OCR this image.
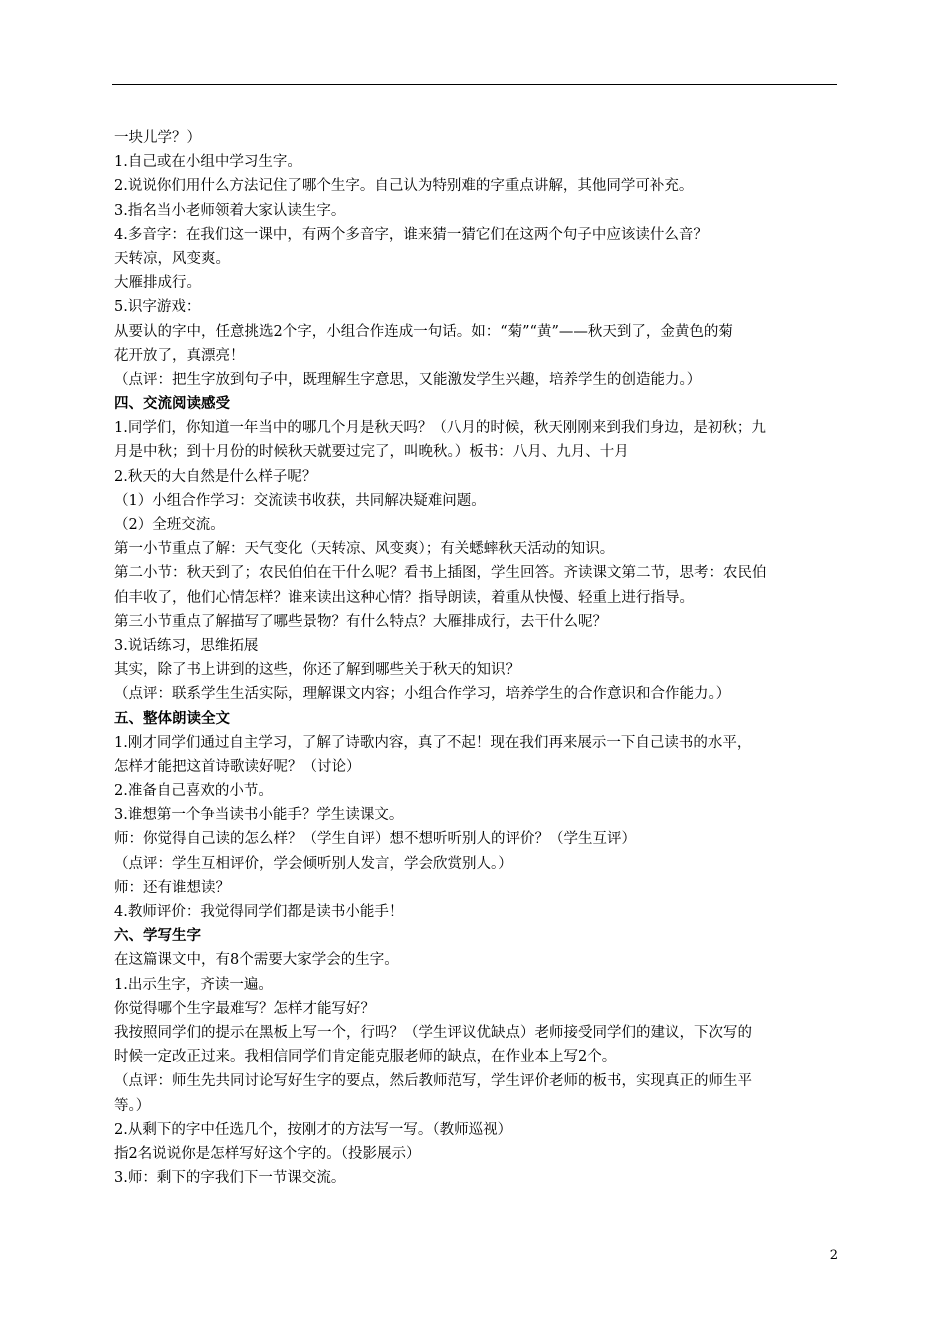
一块儿学？）
1.自己或在小组中学习生字。
2.说说你们用什么方法记住了哪个生字。自己认为特别难的字重点讲解，其他同学可补充。
3.指名当小老师领着大家认读生字。
4.多音字：在我们这一课中，有两个多音字，谁来猜一猜它们在这两个句子中应该读什么音？
天转凉，风变爽。
大雁排成行。
5.识字游戏：
从要认的字中，任意挑选2个字，小组合作连成一句话。如：“菊”“黄”——秋天到了，金黄色的菊
花开放了，真漂亮！
（点评：把生字放到句子中，既理解生字意思，又能激发学生兴趣，培养学生的创造能力。）
四、交流阅读感受
1.同学们，你知道一年当中的哪几个月是秋天吗？（八月的时候，秋天刚刚来到我们身边，是初秋；九
月是中秋；到十月份的时候秋天就要过完了，叫晚秋。）板书：八月、九月、十月
2.秋天的大自然是什么样子呢？
（1）小组合作学习：交流读书收获，共同解决疑难问题。
（2）全班交流。
第一小节重点了解：天气变化（天转凉、风变爽）；有关蟋蟀秋天活动的知识。
第二小节：秋天到了；农民伯伯在干什么呢？看书上插图，学生回答。齐读课文第二节，思考：农民伯
伯丰收了，他们心情怎样？谁来读出这种心情？指导朗读，着重从快慢、轻重上进行指导。
第三小节重点了解描写了哪些景物？有什么特点？大雁排成行，去干什么呢？
3.说话练习，思维拓展
其实，除了书上讲到的这些，你还了解到哪些关于秋天的知识？
（点评：联系学生生活实际，理解课文内容；小组合作学习，培养学生的合作意识和合作能力。）
五、整体朗读全文
1.刚才同学们通过自主学习，了解了诗歌内容，真了不起！现在我们再来展示一下自己读书的水平，
怎样才能把这首诗歌读好呢？（讨论）
2.准备自己喜欢的小节。
3.谁想第一个争当读书小能手？学生读课文。
师：你觉得自己读的怎么样？（学生自评）想不想听听别人的评价？（学生互评）
（点评：学生互相评价，学会倾听别人发言，学会欣赏别人。）
师：还有谁想读？
4.教师评价：我觉得同学们都是读书小能手！
六、学写生字
在这篇课文中，有8个需要大家学会的生字。
1.出示生字，齐读一遍。
你觉得哪个生字最难写？怎样才能写好？
我按照同学们的提示在黑板上写一个，行吗？（学生评议优缺点）老师接受同学们的建议，下次写的
时候一定改正过来。我相信同学们肯定能克服老师的缺点，在作业本上写2个。
（点评：师生先共同讨论写好生字的要点，然后教师范写，学生评价老师的板书，实现真正的师生平
等。）
2.从剩下的字中任选几个，按刚才的方法写一写。（教师巡视）
指2名说说你是怎样写好这个字的。（投影展示）
3.师：剩下的字我们下一节课交流。
2
